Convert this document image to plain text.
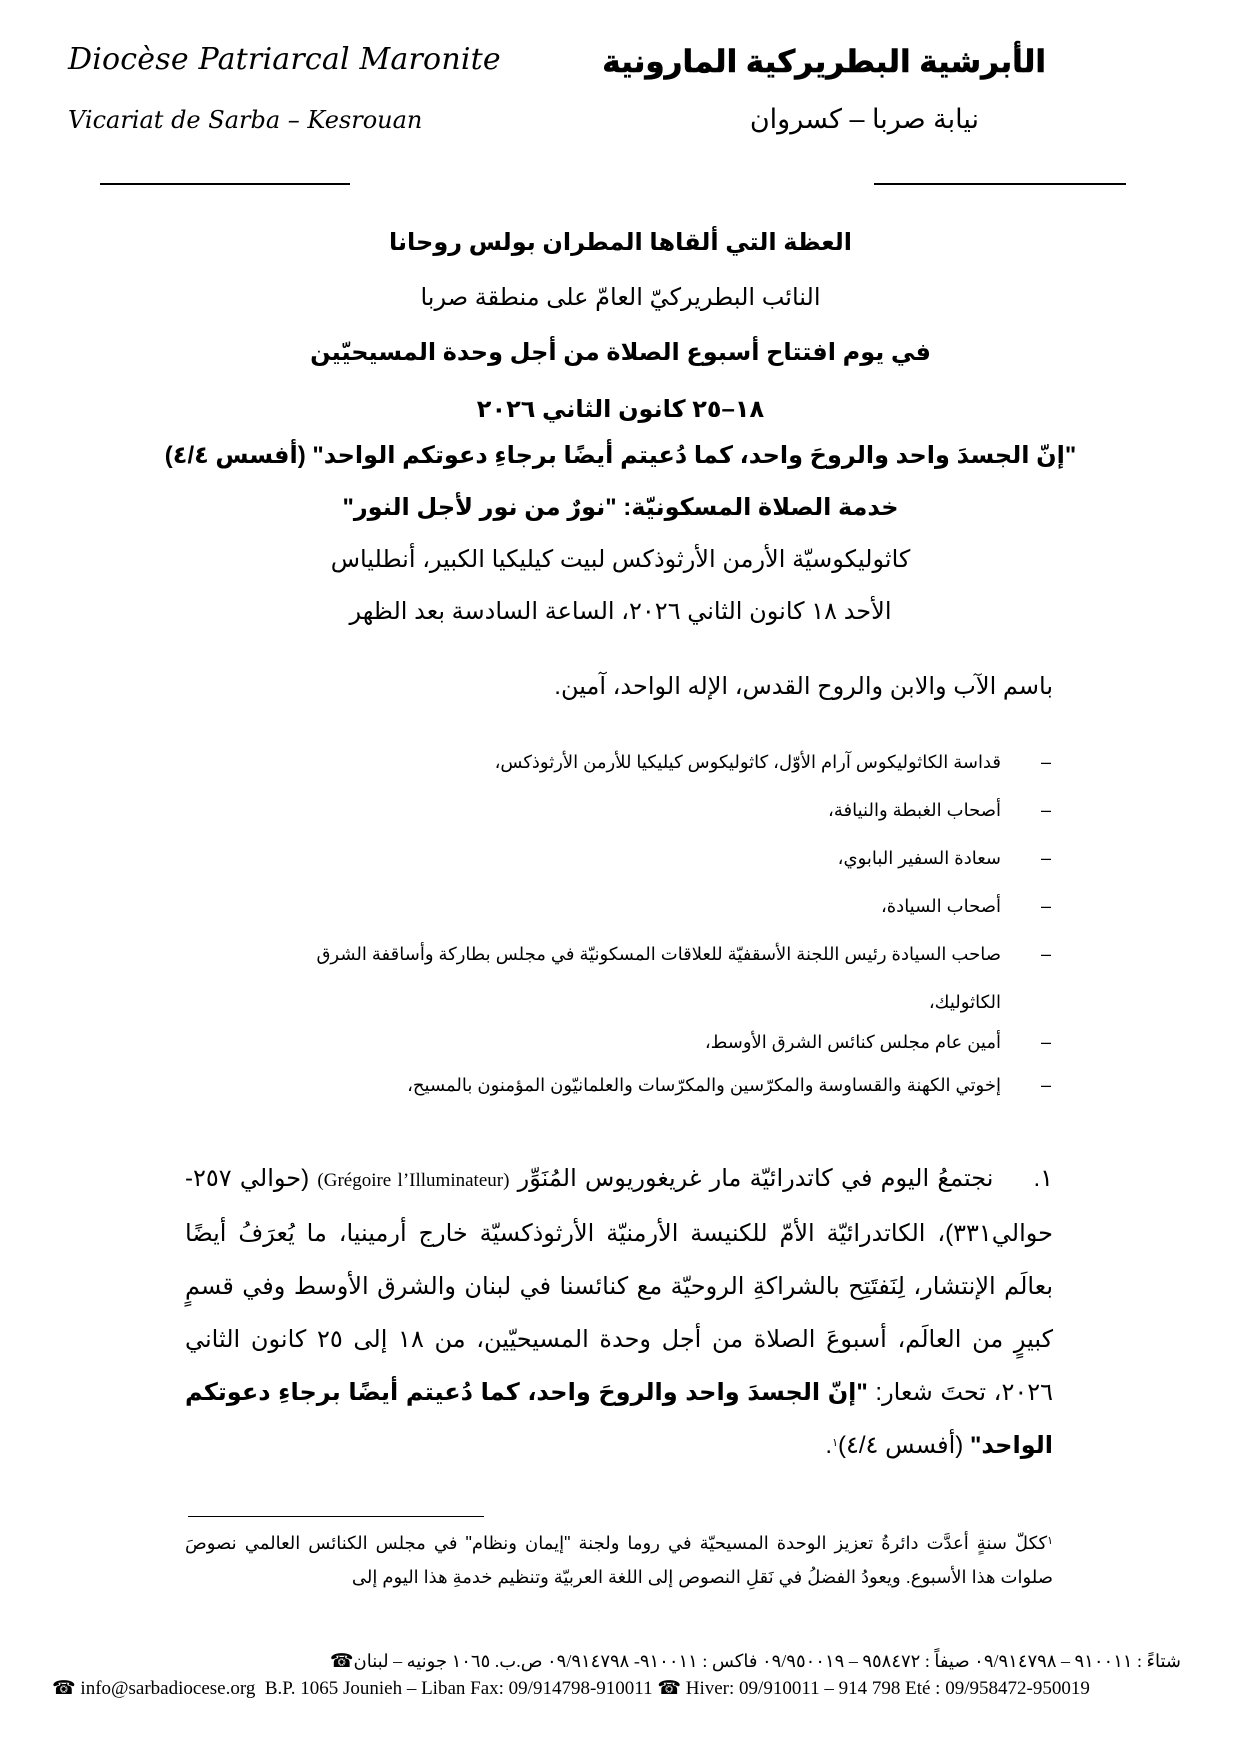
Diocèse Patriarcal Maronite
Vicariat de Sarba – Kesrouan
الأبرشية البطريركية المارونية
نيابة صربا – كسروان
العظة التي ألقاها المطران بولس روحانا
النائب البطريركيّ العامّ على منطقة صربا
في يوم افتتاح أسبوع الصلاة من أجل وحدة المسيحيّين
١٨–٢٥ كانون الثاني ٢٠٢٦
"إنّ الجسدَ واحد والروحَ واحد، كما دُعيتم أيضًا برجاءِ دعوتكم الواحد" (أفسس ٤/٤)
خدمة الصلاة المسكونيّة: "نورٌ من نور لأجل النور"
كاثوليكوسيّة الأرمن الأرثوذكس لبيت كيليكيا الكبير، أنطلياس
الأحد ١٨ كانون الثاني ٢٠٢٦، الساعة السادسة بعد الظهر
باسم الآب والابن والروح القدس، الإله الواحد، آمين.
–
قداسة الكاثوليكوس آرام الأوّل، كاثوليكوس كيليكيا للأرمن الأرثوذكس،
–
أصحاب الغبطة والنيافة،
–
سعادة السفير البابوي،
–
أصحاب السيادة،
–
صاحب السيادة رئيس اللجنة الأسقفيّة للعلاقات المسكونيّة في مجلس بطاركة وأساقفة الشرق
الكاثوليك،
–
أمين عام مجلس كنائس الشرق الأوسط،
–
إخوتي الكهنة والقساوسة والمكرّسين والمكرّسات والعلمانيّون المؤمنون بالمسيح،
١.نجتمعُ اليوم في كاتدرائيّة مار غريغوريوس المُنَوِّر (Grégoire l’Illuminateur) (حوالي ٢٥٧- حوالي٣٣١)، الكاتدرائيّة الأمّ للكنيسة الأرمنيّة الأرثوذكسيّة خارج أرمينيا، ما يُعرَفُ أيضًا بعالَم الإنتشار، لِنَفتَتِح بالشراكةِ الروحيّة مع كنائسنا في لبنان والشرق الأوسط وفي قسمٍ كبيرٍ من العالَم، أسبوعَ الصلاة من أجل وحدة المسيحيّين، من ١٨ إلى ٢٥ كانون الثاني ٢٠٢٦، تحتَ شعار: "إنّ الجسدَ واحد والروحَ واحد، كما دُعيتم أيضًا برجاءِ دعوتكم الواحد" (أفسس ٤/٤)$^١$.
$^١$ككلّ سنةٍ أعدَّت دائرةُ تعزيز الوحدة المسيحيّة في روما ولجنة "إيمان ونظام" في مجلس الكنائس العالمي نصوصَ صلوات هذا الأسبوع. ويعودُ الفضلُ في نَقلِ النصوص إلى اللغة العربيّة وتنظيم خدمةِ هذا اليوم إلى
شتاءً : ٩١٠٠١١ – ٠٩/٩١٤٧٩٨ صيفاً : ٩٥٨٤٧٢ – ٠٩/٩٥٠٠١٩ فاكس : ٩١٠٠١١- ٠٩/٩١٤٧٩٨ ص.ب. ١٠٦٥ جونيه – لبنان☎
☎ info@sarbadiocese.org B.P. 1065 Jounieh – Liban Fax: 09/914798-910011 ☎ Hiver: 09/910011 – 914 798 Eté : 09/958472-950019
